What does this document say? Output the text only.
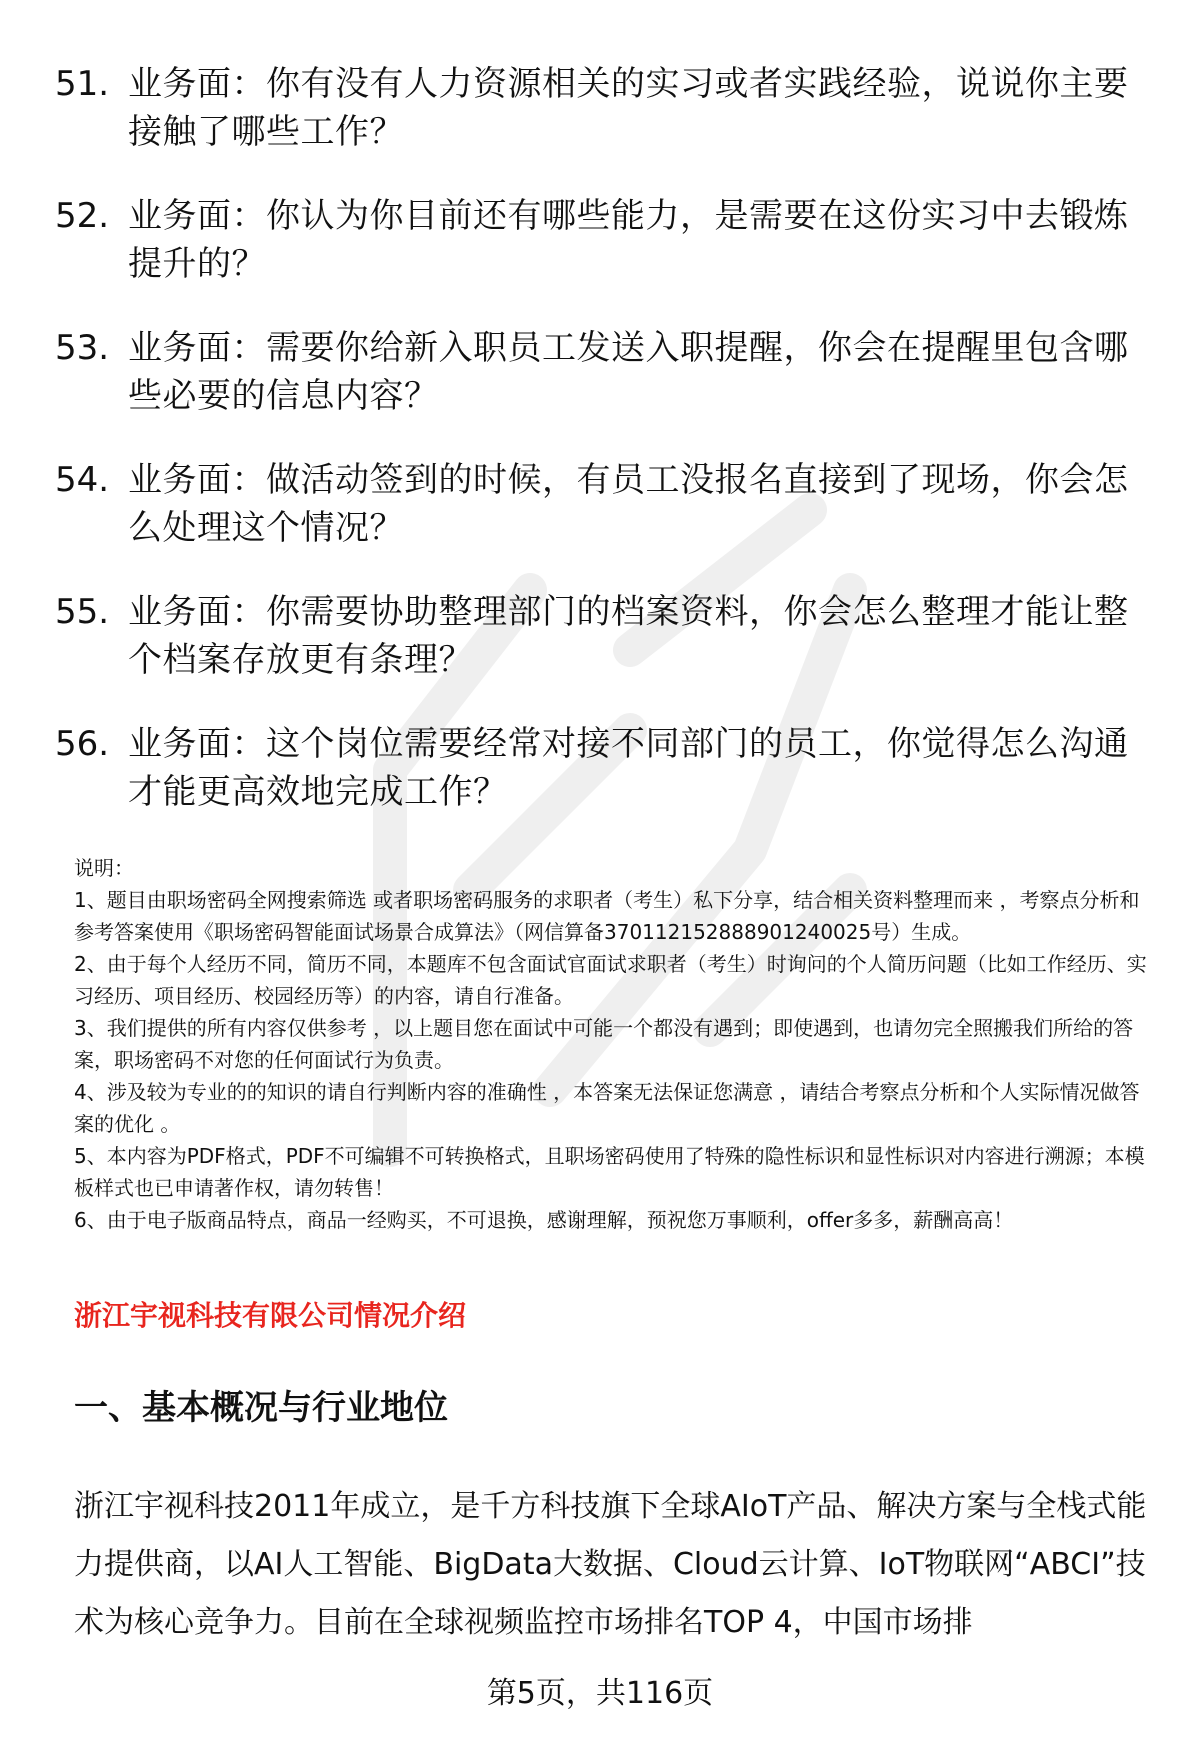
51. 业务面：你有没有人力资源相关的实习或者实践经验，说说你主要接触了哪些工作？
52. 业务面：你认为你目前还有哪些能力，是需要在这份实习中去锻炼提升的？
53. 业务面：需要你给新入职员工发送入职提醒，你会在提醒里包含哪些必要的信息内容？
54. 业务面：做活动签到的时候，有员工没报名直接到了现场，你会怎么处理这个情况？
55. 业务面：你需要协助整理部门的档案资料，你会怎么整理才能让整个档案存放更有条理？
56. 业务面：这个岗位需要经常对接不同部门的员工，你觉得怎么沟通才能更高效地完成工作？

说明：

1、题目由职场密码全网搜索筛选 或者职场密码服务的求职者（考生）私下分享，结合相关资料整理而来 ，考察点分析和参考答案使用《职场密码智能面试场景合成算法》（网信算备370112152888901240025号）生成。

2、由于每个人经历不同，简历不同，本题库不包含面试官面试求职者（考生）时询问的个人简历问题（比如工作经历、实习经历、项目经历、校园经历等）的内容，请自行准备。

3、我们提供的所有内容仅供参考 ，以上题目您在面试中可能一个都没有遇到；即使遇到，也请勿完全照搬我们所给的答案，职场密码不对您的任何面试行为负责。

4、涉及较为专业的的知识的请自行判断内容的准确性 ，本答案无法保证您满意 ，请结合考察点分析和个人实际情况做答案的优化 。

5、本内容为PDF格式，PDF不可编辑不可转换格式，且职场密码使用了特殊的隐性标识和显性标识对内容进行溯源；本模板样式也已申请著作权，请勿转售！

6、由于电子版商品特点，商品一经购买，不可退换，感谢理解，预祝您万事顺利，offer多多，薪酬高高！

浙江宇视科技有限公司情况介绍
一、基本概况与行业地位
浙江宇视科技2011年成立，是千方科技旗下全球AIoT产品、解决方案与全栈式能力提供商，以AI人工智能、BigData大数据、Cloud云计算、IoT物联网“ABCI”技术为核心竞争力。目前在全球视频监控市场排名TOP 4，中国市场排
第5页，共116页
